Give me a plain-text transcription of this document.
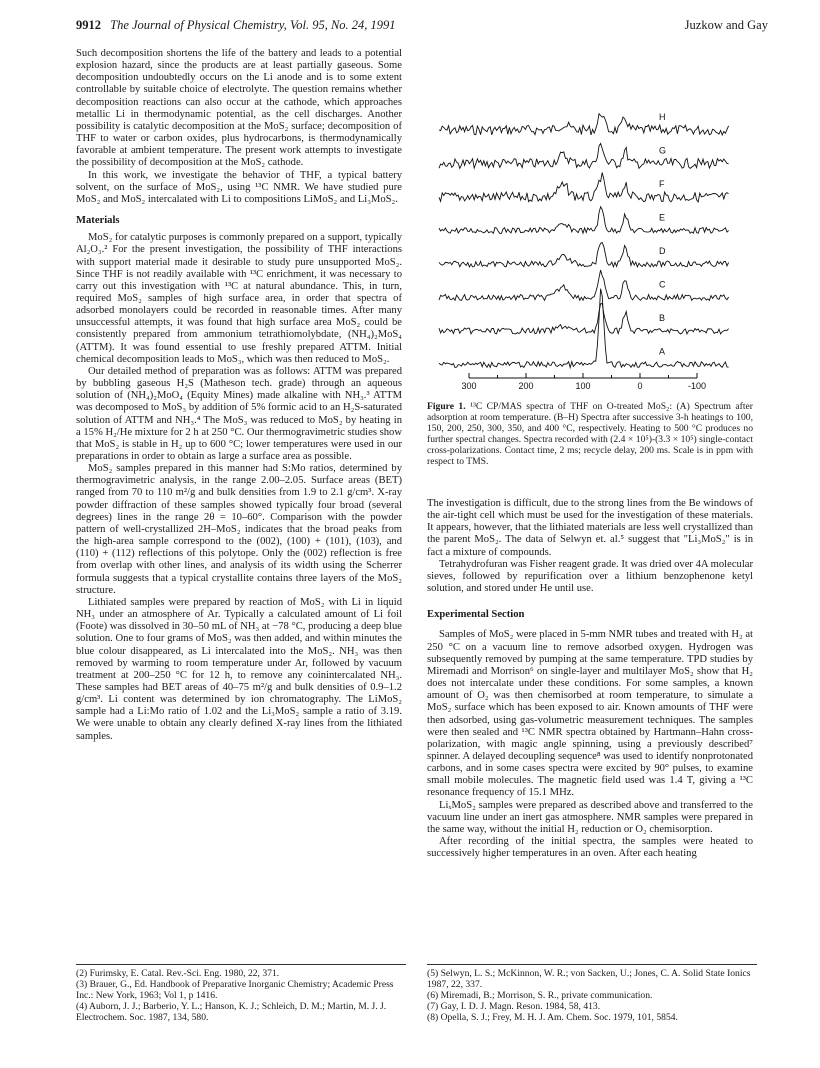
9912 The Journal of Physical Chemistry, Vol. 95, No. 24, 1991	Juzkow and Gay

Such decomposition shortens the life of the battery and leads to a potential explosion hazard, since the products are at least partially gaseous. Some decomposition undoubtedly occurs on the Li anode and is to some extent controllable by suitable choice of electrolyte. The question remains whether decomposition reactions can also occur at the cathode, which approaches metallic Li in thermodynamic potential, as the cell discharges. Another possibility is catalytic decomposition at the MoS₂ surface; decomposition of THF to water or carbon oxides, plus hydrocarbons, is thermodynamically favorable at ambient temperature. The present work attempts to investigate the possibility of decomposition at the MoS₂ cathode.

In this work, we investigate the behavior of THF, a typical battery solvent, on the surface of MoS₂, using ¹³C NMR. We have studied pure MoS₂ and MoS₂ intercalated with Li to compositions LiMoS₂ and Li₃MoS₂.

Materials

MoS₂ for catalytic purposes is commonly prepared on a support, typically Al₂O₃.² For the present investigation, the possibility of THF interactions with support material made it desirable to study pure unsupported MoS₂. Since THF is not readily available with ¹³C enrichment, it was necessary to carry out this investigation with ¹³C at natural abundance. This, in turn, required MoS₂ samples of high surface area, in order that spectra of adsorbed monolayers could be recorded in reasonable times. After many unsuccessful attempts, it was found that high surface area MoS₂ could be consistently prepared from ammonium tetrathiomolybdate, (NH₄)₂MoS₄ (ATTM). It was found essential to use freshly prepared ATTM. Initial chemical decomposition leads to MoS₃, which was then reduced to MoS₂.

Our detailed method of preparation was as follows: ATTM was prepared by bubbling gaseous H₂S (Matheson tech. grade) through an aqueous solution of (NH₄)₂MoO₄ (Equity Mines) made alkaline with NH₃.³ ATTM was decomposed to MoS₃ by addition of 5% formic acid to an H₂S-saturated solution of ATTM and NH₃.⁴ The MoS₃ was reduced to MoS₂ by heating in a 15% H₂/He mixture for 2 h at 250 °C. Our thermogravimetric studies show that MoS₂ is stable in H₂ up to 600 °C; lower temperatures were used in our preparations in order to obtain as large a surface area as possible.

MoS₂ samples prepared in this manner had S:Mo ratios, determined by thermogravimetric analysis, in the range 2.00–2.05. Surface areas (BET) ranged from 70 to 110 m²/g and bulk densities from 1.9 to 2.1 g/cm³. X-ray powder diffraction of these samples showed typically four broad (several degrees) lines in the range 2θ = 10–60°. Comparison with the powder pattern of well-crystallized 2H–MoS₂ indicates that the broad peaks from the high-area sample correspond to the (002), (100) + (101), (103), and (110) + (112) reflections of this polytope. Only the (002) reflection is free from overlap with other lines, and analysis of its width using the Scherrer formula suggests that a typical crystallite contains three layers of the MoS₂ structure.

Lithiated samples were prepared by reaction of MoS₂ with Li in liquid NH₃ under an atmosphere of Ar. Typically a calculated amount of Li foil (Foote) was dissolved in 30–50 mL of NH₃ at −78 °C, producing a deep blue solution. One to four grams of MoS₂ was then added, and within minutes the blue colour disappeared, as Li intercalated into the MoS₂. NH₃ was then removed by warming to room temperature under Ar, followed by vacuum treatment at 200–250 °C for 12 h, to remove any coinintercalated NH₃. These samples had BET areas of 40–75 m²/g and bulk densities of 0.9–1.2 g/cm³. Li content was determined by ion chromatography. The LiMoS₂ sample had a Li:Mo ratio of 1.02 and the Li₃MoS₂ sample a ratio of 3.19. We were unable to obtain any clearly defined X-ray lines from the lithiated samples.

H
G
F
E
D
C
B
A
300	200	100	0	-100
Figure 1. ¹³C CP/MAS spectra of THF on O-treated MoS₂: (A) Spectrum after adsorption at room temperature. (B–H) Spectra after successive 3-h heatings to 100, 150, 200, 250, 300, 350, and 400 °C, respectively. Heating to 500 °C produces no further spectral changes. Spectra recorded with (2.4 × 10⁵)-(3.3 × 10⁵) single-contact cross-polarizations. Contact time, 2 ms; recycle delay, 200 ms. Scale is in ppm with respect to TMS.

The investigation is difficult, due to the strong lines from the Be windows of the air-tight cell which must be used for the investigation of these materials. It appears, however, that the lithiated materials are less well crystallized than the parent MoS₂. The data of Selwyn et. al.⁵ suggest that "Li₃MoS₂" is in fact a mixture of compounds.

Tetrahydrofuran was Fisher reagent grade. It was dried over 4A molecular sieves, followed by repurification over a lithium benzophenone ketyl solution, and stored under He until use.

Experimental Section

Samples of MoS₂ were placed in 5-mm NMR tubes and treated with H₂ at 250 °C on a vacuum line to remove adsorbed oxygen. Hydrogen was subsequently removed by pumping at the same temperature. TPD studies by Miremadi and Morrison⁶ on single-layer and multilayer MoS₂ show that H₂ does not intercalate under these conditions. For some samples, a known amount of O₂ was then chemisorbed at room temperature, to simulate a MoS₂ surface which has been exposed to air. Known amounts of THF were then adsorbed, using gas-volumetric measurement techniques. The samples were then sealed and ¹³C NMR spectra obtained by Hartmann–Hahn cross-polarization, with magic angle spinning, using a previously described⁷ spinner. A delayed decoupling sequence⁸ was used to identify nonprotonated carbons, and in some cases spectra were excited by 90° pulses, to examine small mobile molecules. The magnetic field used was 1.4 T, giving a ¹³C resonance frequency of 15.1 MHz.

LiₓMoS₂ samples were prepared as described above and transferred to the vacuum line under an inert gas atmosphere. NMR samples were prepared in the same way, without the initial H₂ reduction or O₂ chemisorption.

After recording of the initial spectra, the samples were heated to successively higher temperatures in an oven. After each heating

(2) Furimsky, E. Catal. Rev.-Sci. Eng. 1980, 22, 371.
(3) Brauer, G., Ed. Handbook of Preparative Inorganic Chemistry; Academic Press Inc.: New York, 1963; Vol 1, p 1416.
(4) Auborn, J. J.; Barberio, Y. L.; Hanson, K. J.; Schleich, D. M.; Martin, M. J. J. Electrochem. Soc. 1987, 134, 580.
(5) Selwyn, L. S.; McKinnon, W. R.; von Sacken, U.; Jones, C. A. Solid State Ionics 1987, 22, 337.
(6) Miremadi, B.; Morrison, S. R., private communication.
(7) Gay, I. D. J. Magn. Reson. 1984, 58, 413.
(8) Opella, S. J.; Frey, M. H. J. Am. Chem. Soc. 1979, 101, 5854.
